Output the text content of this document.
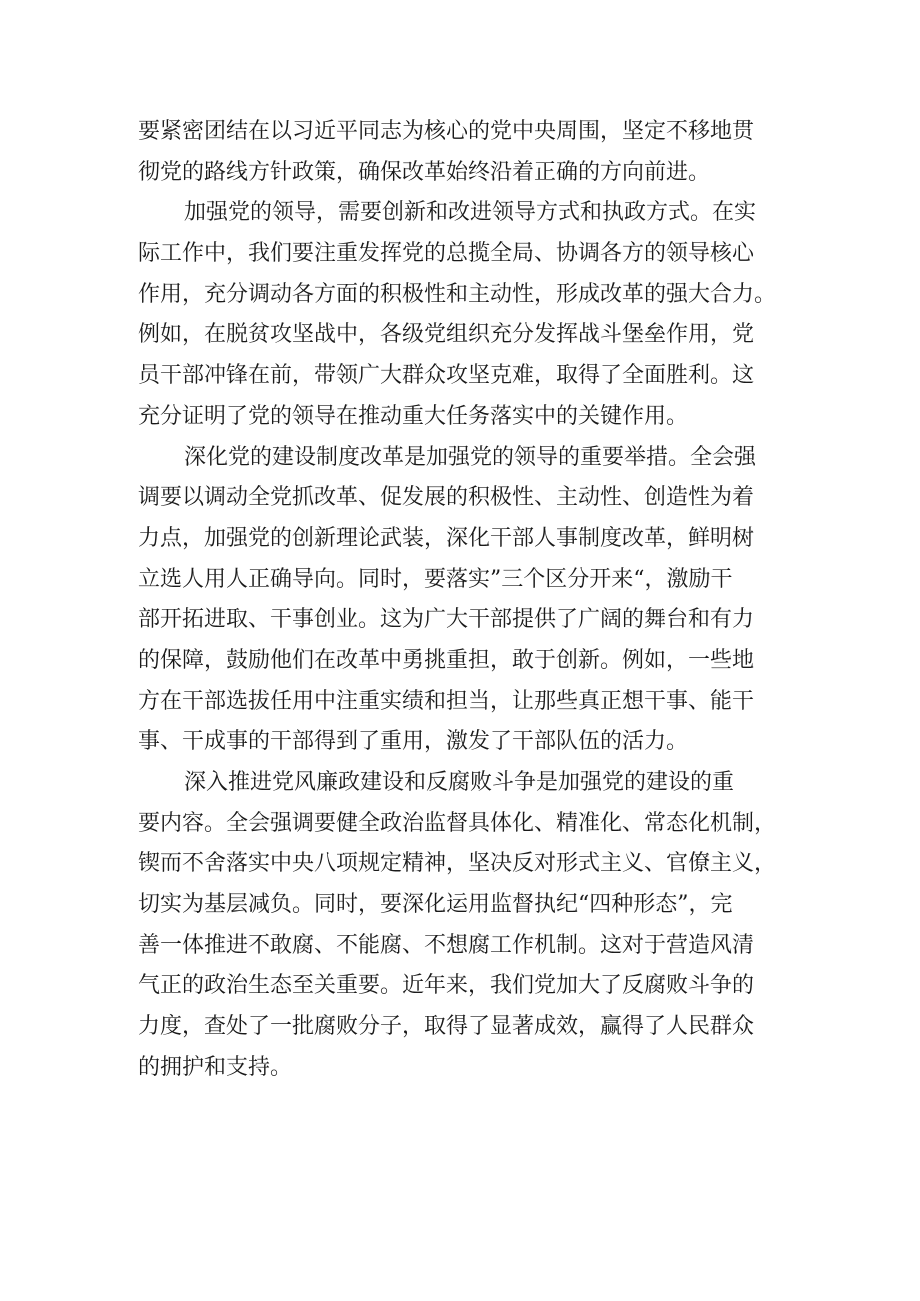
要紧密团结在以习近平同志为核心的党中央周围，坚定不移地贯
彻党的路线方针政策，确保改革始终沿着正确的方向前进。
加强党的领导，需要创新和改进领导方式和执政方式。在实
际工作中，我们要注重发挥党的总揽全局、协调各方的领导核心
作用，充分调动各方面的积极性和主动性，形成改革的强大合力。
例如，在脱贫攻坚战中，各级党组织充分发挥战斗堡垒作用，党
员干部冲锋在前，带领广大群众攻坚克难，取得了全面胜利。这
充分证明了党的领导在推动重大任务落实中的关键作用。
深化党的建设制度改革是加强党的领导的重要举措。全会强
调要以调动全党抓改革、促发展的积极性、主动性、创造性为着
力点，加强党的创新理论武装，深化干部人事制度改革，鲜明树
立选人用人正确导向。同时，要落实”三个区分开来“，激励干
部开拓进取、干事创业。这为广大干部提供了广阔的舞台和有力
的保障，鼓励他们在改革中勇挑重担，敢于创新。例如，一些地
方在干部选拔任用中注重实绩和担当，让那些真正想干事、能干
事、干成事的干部得到了重用，激发了干部队伍的活力。
深入推进党风廉政建设和反腐败斗争是加强党的建设的重
要内容。全会强调要健全政治监督具体化、精准化、常态化机制，
锲而不舍落实中央八项规定精神，坚决反对形式主义、官僚主义，
切实为基层减负。同时，要深化运用监督执纪“四种形态”，完
善一体推进不敢腐、不能腐、不想腐工作机制。这对于营造风清
气正的政治生态至关重要。近年来，我们党加大了反腐败斗争的
力度，查处了一批腐败分子，取得了显著成效，赢得了人民群众
的拥护和支持。
